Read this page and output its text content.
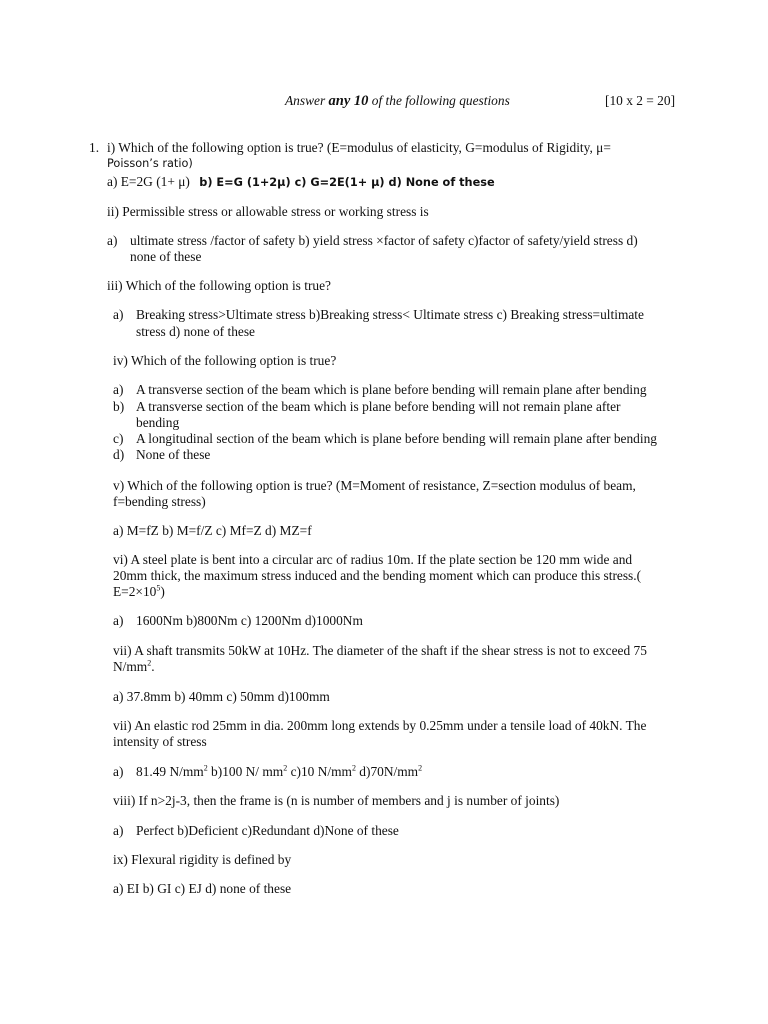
Answer any 10 of the following questions	[10 x 2 = 20]
1. i) Which of the following option is true? (E=modulus of elasticity, G=modulus of Rigidity, μ=
Poisson’s ratio)
a) E=2G (1+ μ) b) E=G (1+2μ) c) G=2E(1+ μ) d) None of these
ii) Permissible stress or allowable stress or working stress is
a) ultimate stress /factor of safety b) yield stress ×factor of safety c)factor of safety/yield stress d)
none of these
iii) Which of the following option is true?
a) Breaking stress>Ultimate stress b)Breaking stress< Ultimate stress c) Breaking stress=ultimate
stress d) none of these
iv) Which of the following option is true?
a) A transverse section of the beam which is plane before bending will remain plane after bending
b) A transverse section of the beam which is plane before bending will not remain plane after
bending
c) A longitudinal section of the beam which is plane before bending will remain plane after bending
d) None of these
v) Which of the following option is true? (M=Moment of resistance, Z=section modulus of beam,
f=bending stress)
a) M=fZ b) M=f/Z c) Mf=Z d) MZ=f
vi) A steel plate is bent into a circular arc of radius 10m. If the plate section be 120 mm wide and
20mm thick, the maximum stress induced and the bending moment which can produce this stress.(
$E=2\times 10^5$)
a) 1600Nm b)800Nm c) 1200Nm d)1000Nm
vii) A shaft transmits 50kW at 10Hz. The diameter of the shaft if the shear stress is not to exceed 75
$N/mm^2$.
a) 37.8mm b) 40mm c) 50mm d)100mm
vii) An elastic rod 25mm in dia. 200mm long extends by 0.25mm under a tensile load of 40kN. The
intensity of stress
a) 81.49 $N/mm^2$ b)100 N/ $mm^2$ c)10 $N/mm^2$ $d)70N/mm^2$
viii) If n>2j-3, then the frame is (n is number of members and j is number of joints)
a) Perfect b)Deficient c)Redundant d)None of these
ix) Flexural rigidity is defined by
a) EI b) GI c) EJ d) none of these
